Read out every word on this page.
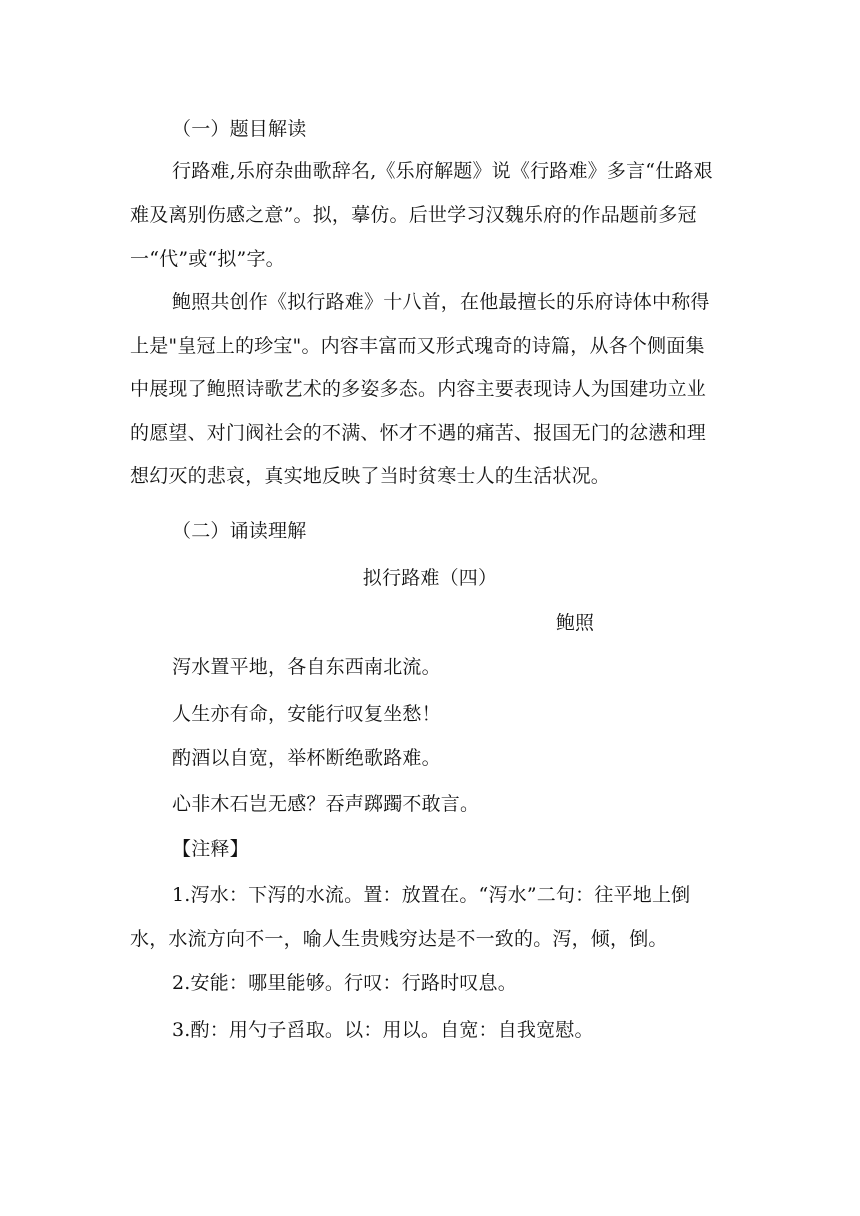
（一）题目解读
行路难,乐府杂曲歌辞名,《乐府解题》说《行路难》多言“仕路艰
难及离别伤感之意”。拟，摹仿。后世学习汉魏乐府的作品题前多冠
一“代”或“拟”字。
鲍照共创作《拟行路难》十八首，在他最擅长的乐府诗体中称得
上是"皇冠上的珍宝"。内容丰富而又形式瑰奇的诗篇，从各个侧面集
中展现了鲍照诗歌艺术的多姿多态。内容主要表现诗人为国建功立业
的愿望、对门阀社会的不满、怀才不遇的痛苦、报国无门的忿懑和理
想幻灭的悲哀，真实地反映了当时贫寒士人的生活状况。
（二）诵读理解
拟行路难（四）
鲍照
泻水置平地，各自东西南北流。
人生亦有命，安能行叹复坐愁！
酌酒以自宽，举杯断绝歌路难。
心非木石岂无感？吞声踯躅不敢言。
【注释】
1.泻水：下泻的水流。置：放置在。“泻水”二句：往平地上倒
水，水流方向不一，喻人生贵贱穷达是不一致的。泻，倾，倒。
2.安能：哪里能够。行叹：行路时叹息。
3.酌：用勺子舀取。以：用以。自宽：自我宽慰。
